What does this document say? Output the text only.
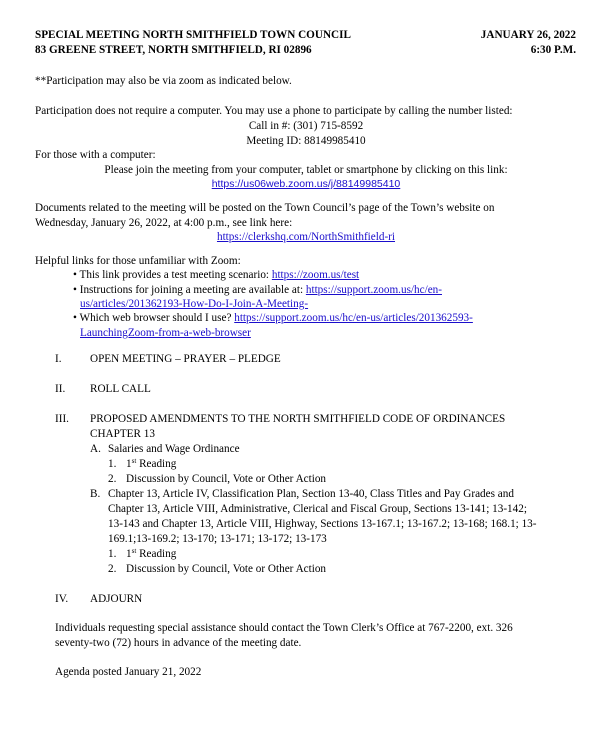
SPECIAL MEETING NORTH SMITHFIELD TOWN COUNCIL
83 GREENE STREET, NORTH SMITHFIELD, RI 02896
JANUARY 26, 2022
6:30 P.M.
**Participation may also be via zoom as indicated below.
Participation does not require a computer. You may use a phone to participate by calling the number listed:
Call in #: (301) 715-8592
Meeting ID: 88149985410
For those with a computer:
Please join the meeting from your computer, tablet or smartphone by clicking on this link:
https://us06web.zoom.us/j/88149985410
Documents related to the meeting will be posted on the Town Council’s page of the Town’s website on
Wednesday, January 26, 2022, at 4:00 p.m., see link here:
https://clerkshq.com/NorthSmithfield-ri
Helpful links for those unfamiliar with Zoom:
• This link provides a test meeting scenario: https://zoom.us/test
• Instructions for joining a meeting are available at: https://support.zoom.us/hc/en-
us/articles/201362193-How-Do-I-Join-A-Meeting-
• Which web browser should I use? https://support.zoom.us/hc/en-us/articles/201362593-
LaunchingZoom-from-a-web-browser
I.	OPEN MEETING – PRAYER – PLEDGE
II. ROLL CALL
III. PROPOSED AMENDMENTS TO THE NORTH SMITHFIELD CODE OF ORDINANCES
CHAPTER 13
A. Salaries and Wage Ordinance
1. 1st Reading
2. Discussion by Council, Vote or Other Action
B. Chapter 13, Article IV, Classification Plan, Section 13-40, Class Titles and Pay Grades and
Chapter 13, Article VIII, Administrative, Clerical and Fiscal Group, Sections 13-141; 13-142;
13-143 and Chapter 13, Article VIII, Highway, Sections 13-167.1; 13-167.2; 13-168; 168.1; 13-
169.1;13-169.2; 13-170; 13-171; 13-172; 13-173
1. 1st Reading
2. Discussion by Council, Vote or Other Action
IV. ADJOURN
Individuals requesting special assistance should contact the Town Clerk’s Office at 767-2200, ext. 326
seventy-two (72) hours in advance of the meeting date.
Agenda posted January 21, 2022
